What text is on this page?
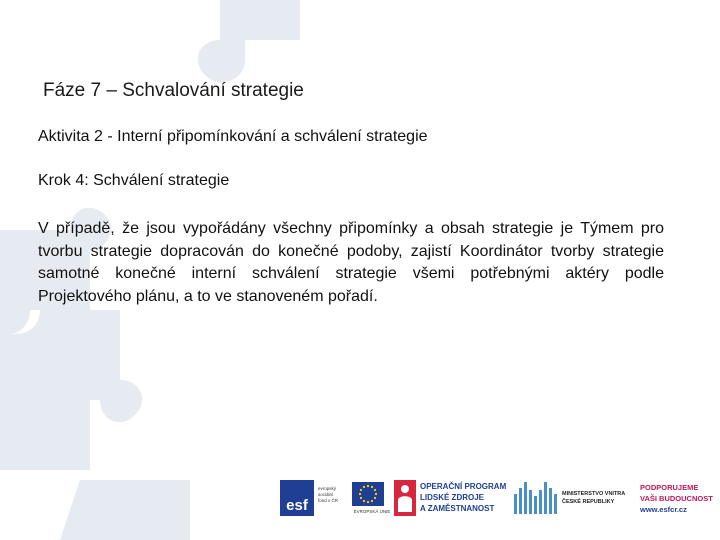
Fáze 7 – Schvalování strategie
Aktivita 2 - Interní připomínkování a schválení strategie
Krok 4: Schválení strategie

V případě, že jsou vypořádány všechny připomínky a obsah strategie je Týmem pro tvorbu strategie dopracován do konečné podoby, zajistí Koordinátor tvorby strategie samotné konečné interní schválení strategie všemi potřebnými aktéry podle Projektového plánu, a to ve stanoveném pořadí.

esf
evropský
sociální
fond v ČR
EVROPSKÁ UNIE
OPERAČNÍ PROGRAM
LIDSKÉ ZDROJE
A ZAMĚSTNANOST
MINISTERSTVO VNITRA
ČESKÉ REPUBLIKY
PODPORUJEME
VAŠI BUDOUCNOST
www.esfcr.cz
